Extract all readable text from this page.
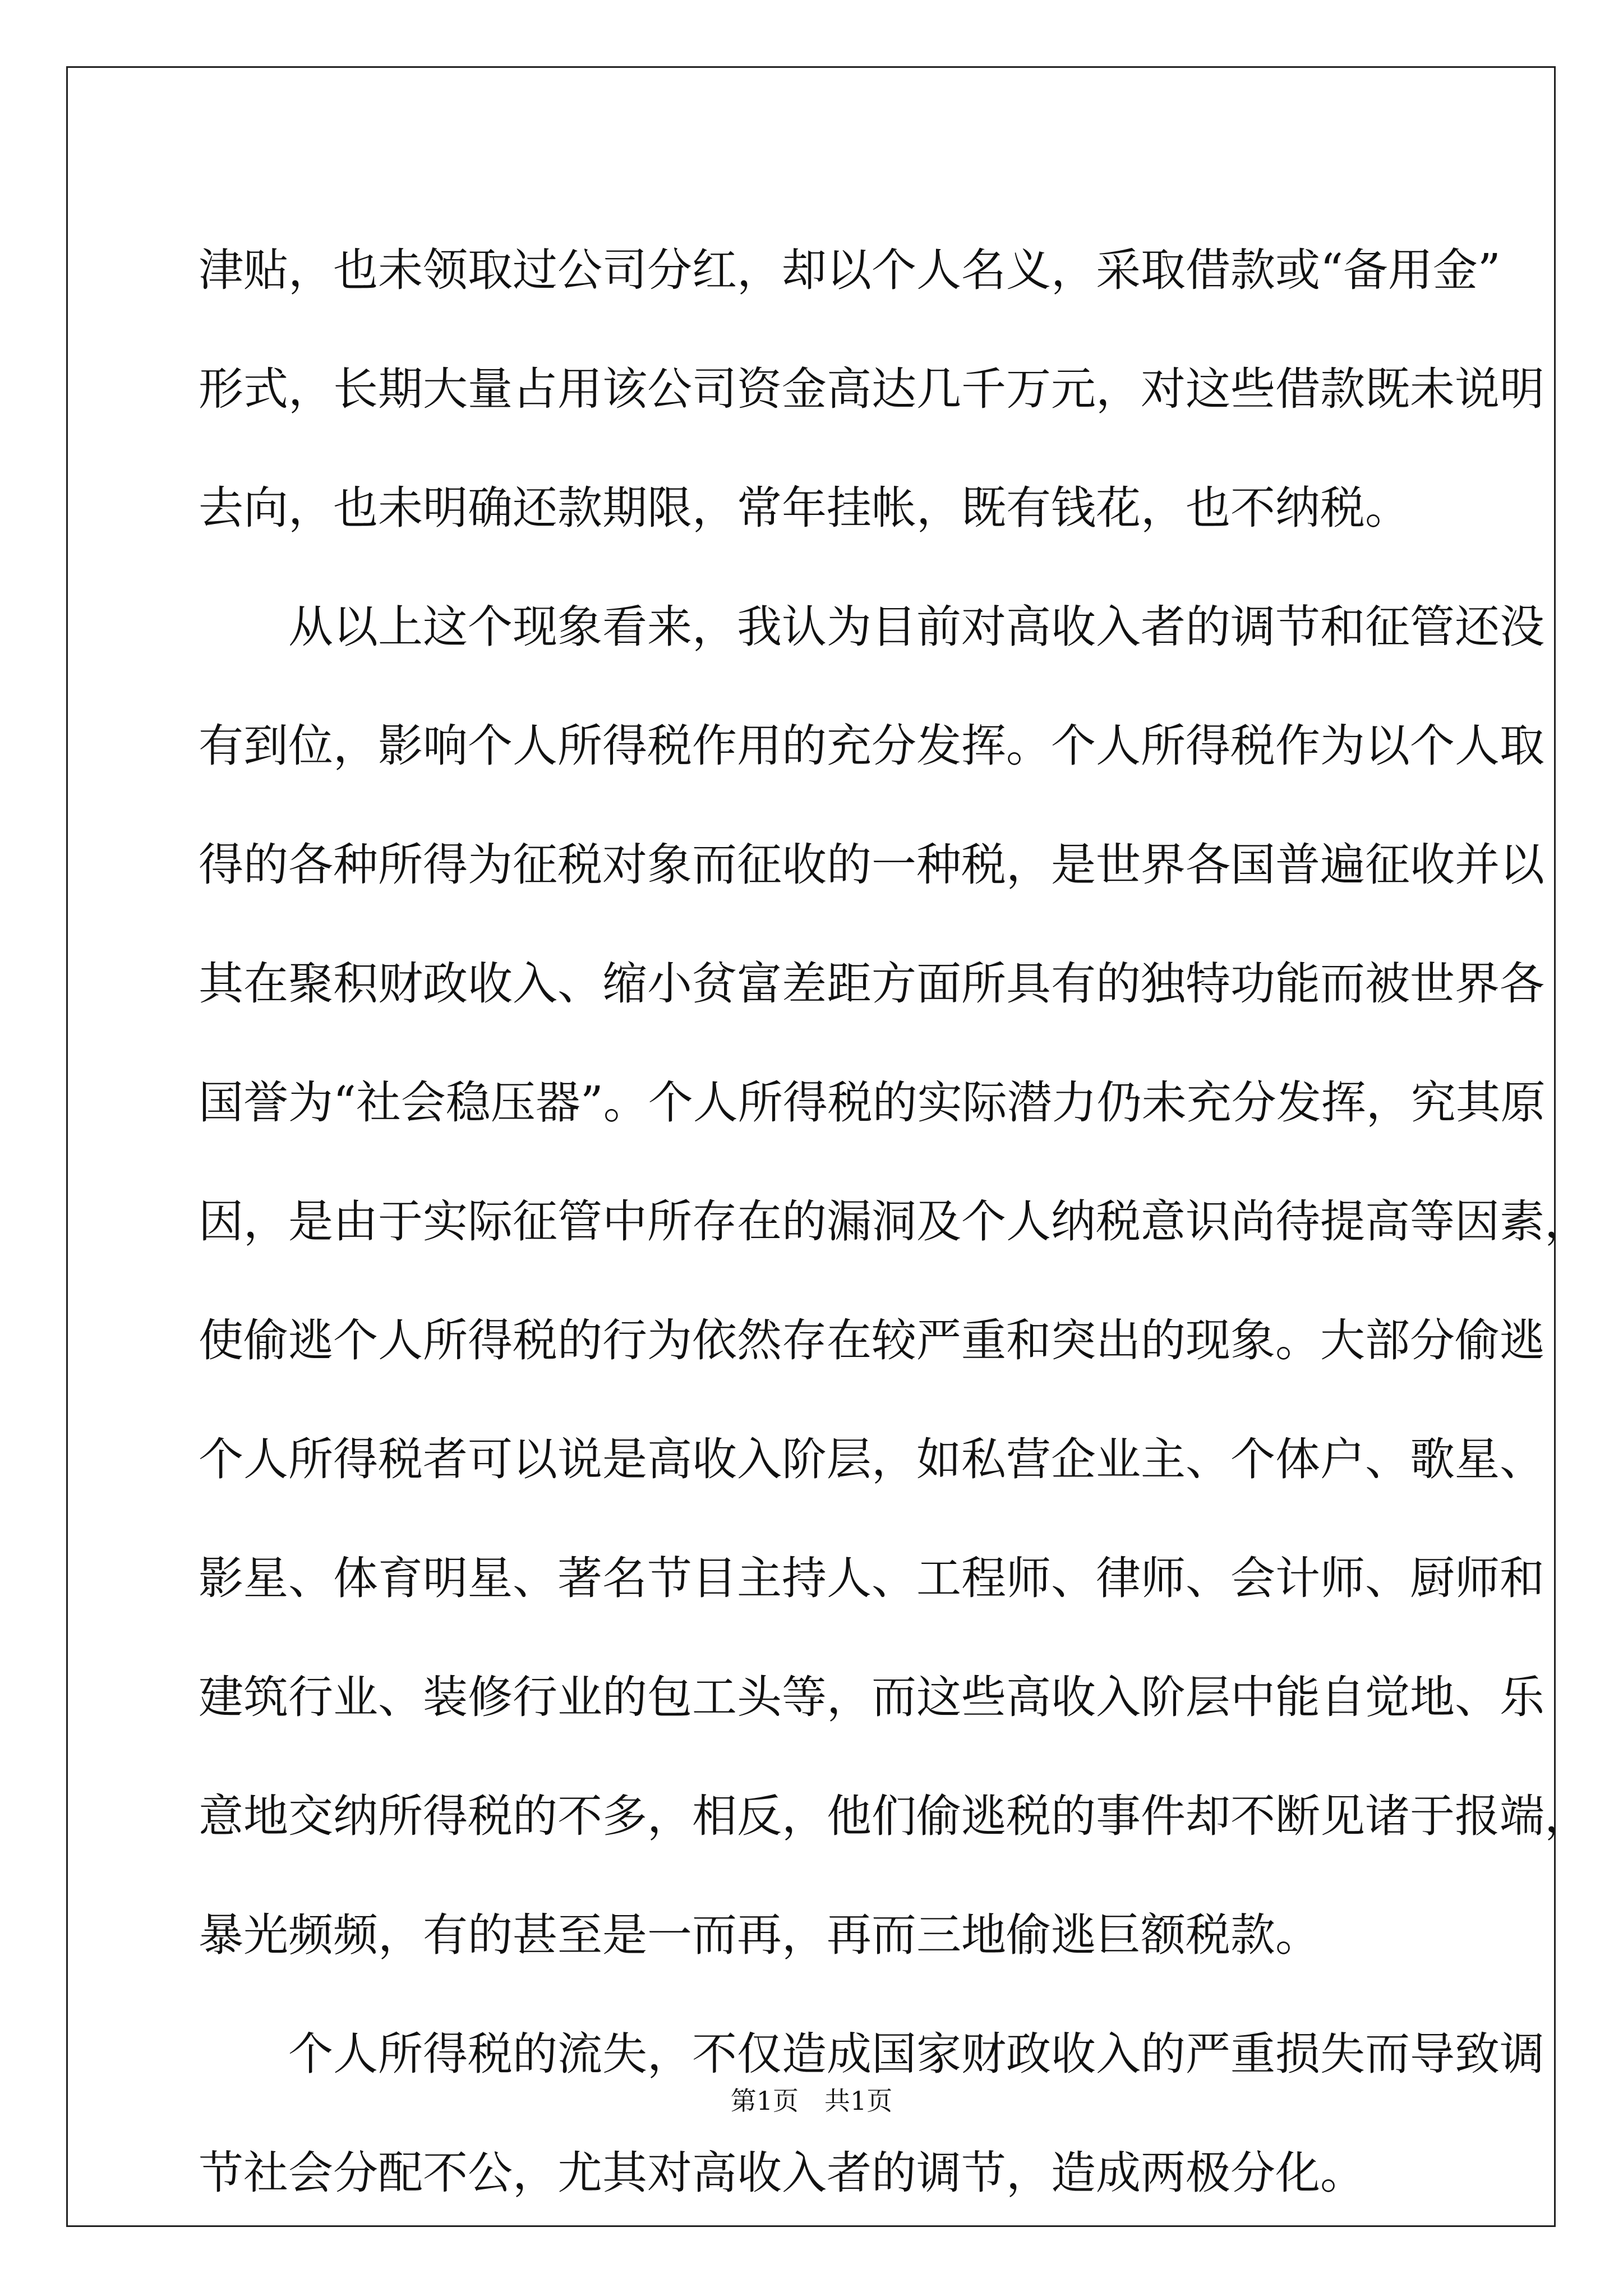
津贴，也未领取过公司分红，却以个人名义，采取借款或“备用金”
形式，长期大量占用该公司资金高达几千万元，对这些借款既未说明
去向，也未明确还款期限，常年挂帐，既有钱花，也不纳税。
从以上这个现象看来，我认为目前对高收入者的调节和征管还没
有到位，影响个人所得税作用的充分发挥。个人所得税作为以个人取
得的各种所得为征税对象而征收的一种税，是世界各国普遍征收并以
其在聚积财政收入、缩小贫富差距方面所具有的独特功能而被世界各
国誉为“社会稳压器”。个人所得税的实际潜力仍未充分发挥，究其原
因，是由于实际征管中所存在的漏洞及个人纳税意识尚待提高等因素，
使偷逃个人所得税的行为依然存在较严重和突出的现象。大部分偷逃
个人所得税者可以说是高收入阶层，如私营企业主、个体户、歌星、
影星、体育明星、著名节目主持人、工程师、律师、会计师、厨师和
建筑行业、装修行业的包工头等，而这些高收入阶层中能自觉地、乐
意地交纳所得税的不多，相反，他们偷逃税的事件却不断见诸于报端，
暴光频频，有的甚至是一而再，再而三地偷逃巨额税款。
个人所得税的流失，不仅造成国家财政收入的严重损失而导致调
节社会分配不公，尤其对高收入者的调节，造成两极分化。
第1页 共1页
